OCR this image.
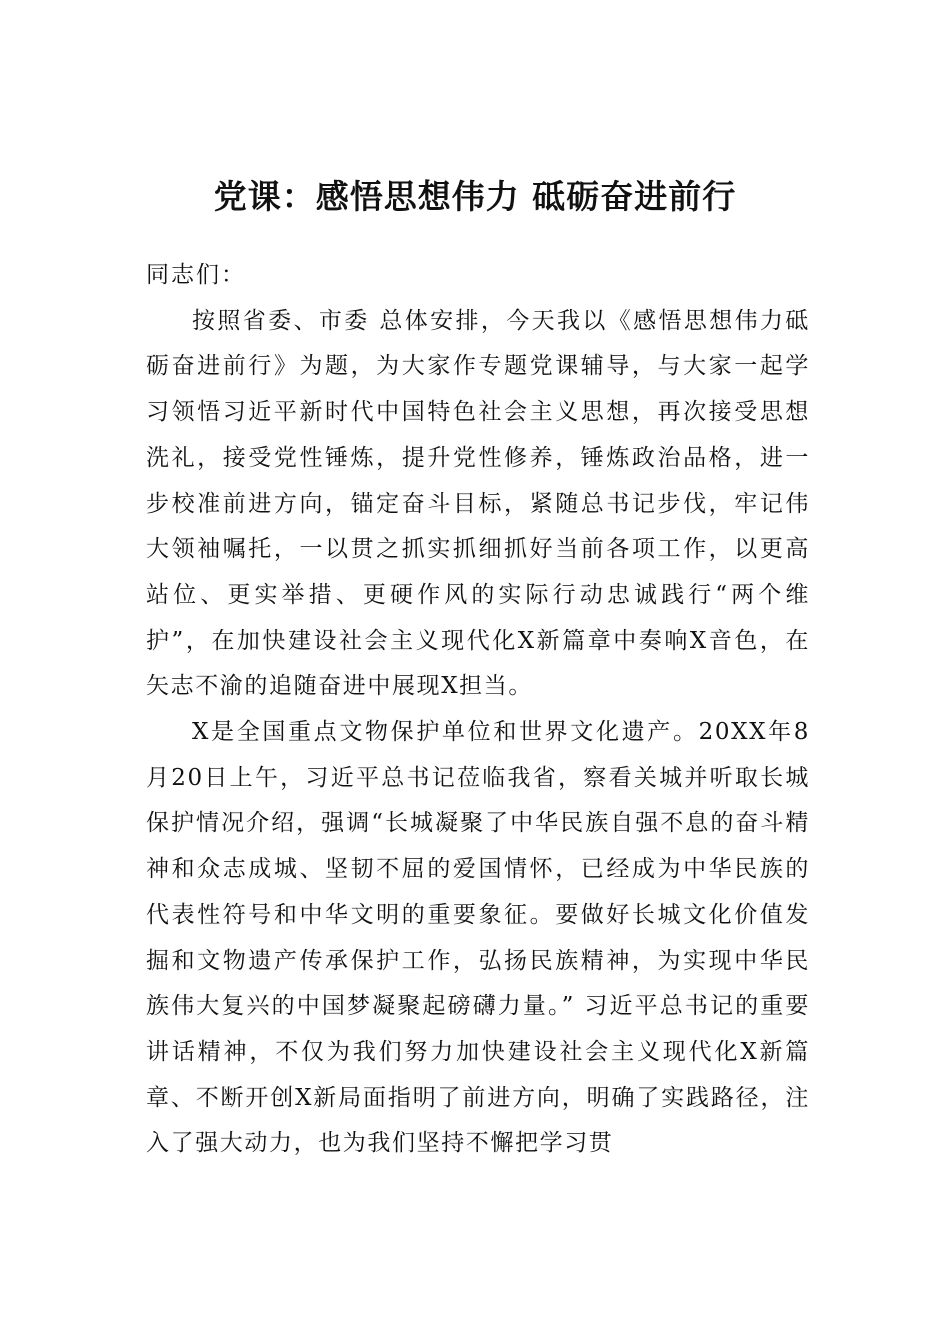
党课：感悟思想伟力 砥砺奋进前行

同志们：

按照省委、市委 总体安排，今天我以《感悟思想伟力砥砺奋进前行》为题，为大家作专题党课辅导，与大家一起学习领悟习近平新时代中国特色社会主义思想，再次接受思想洗礼，接受党性锤炼，提升党性修养，锤炼政治品格，进一步校准前进方向，锚定奋斗目标，紧随总书记步伐，牢记伟大领袖嘱托，一以贯之抓实抓细抓好当前各项工作，以更高站位、更实举措、更硬作风的实际行动忠诚践行“两个维护”，在加快建设社会主义现代化X新篇章中奏响X音色，在矢志不渝的追随奋进中展现X担当。

X是全国重点文物保护单位和世界文化遗产。20XX年8月20日上午，习近平总书记莅临我省，察看关城并听取长城保护情况介绍，强调“长城凝聚了中华民族自强不息的奋斗精神和众志成城、坚韧不屈的爱国情怀，已经成为中华民族的代表性符号和中华文明的重要象征。要做好长城文化价值发掘和文物遗产传承保护工作，弘扬民族精神，为实现中华民族伟大复兴的中国梦凝聚起磅礴力量。” 习近平总书记的重要讲话精神，不仅为我们努力加快建设社会主义现代化X新篇章、不断开创X新局面指明了前进方向，明确了实践路径，注入了强大动力，也为我们坚持不懈把学习贯
